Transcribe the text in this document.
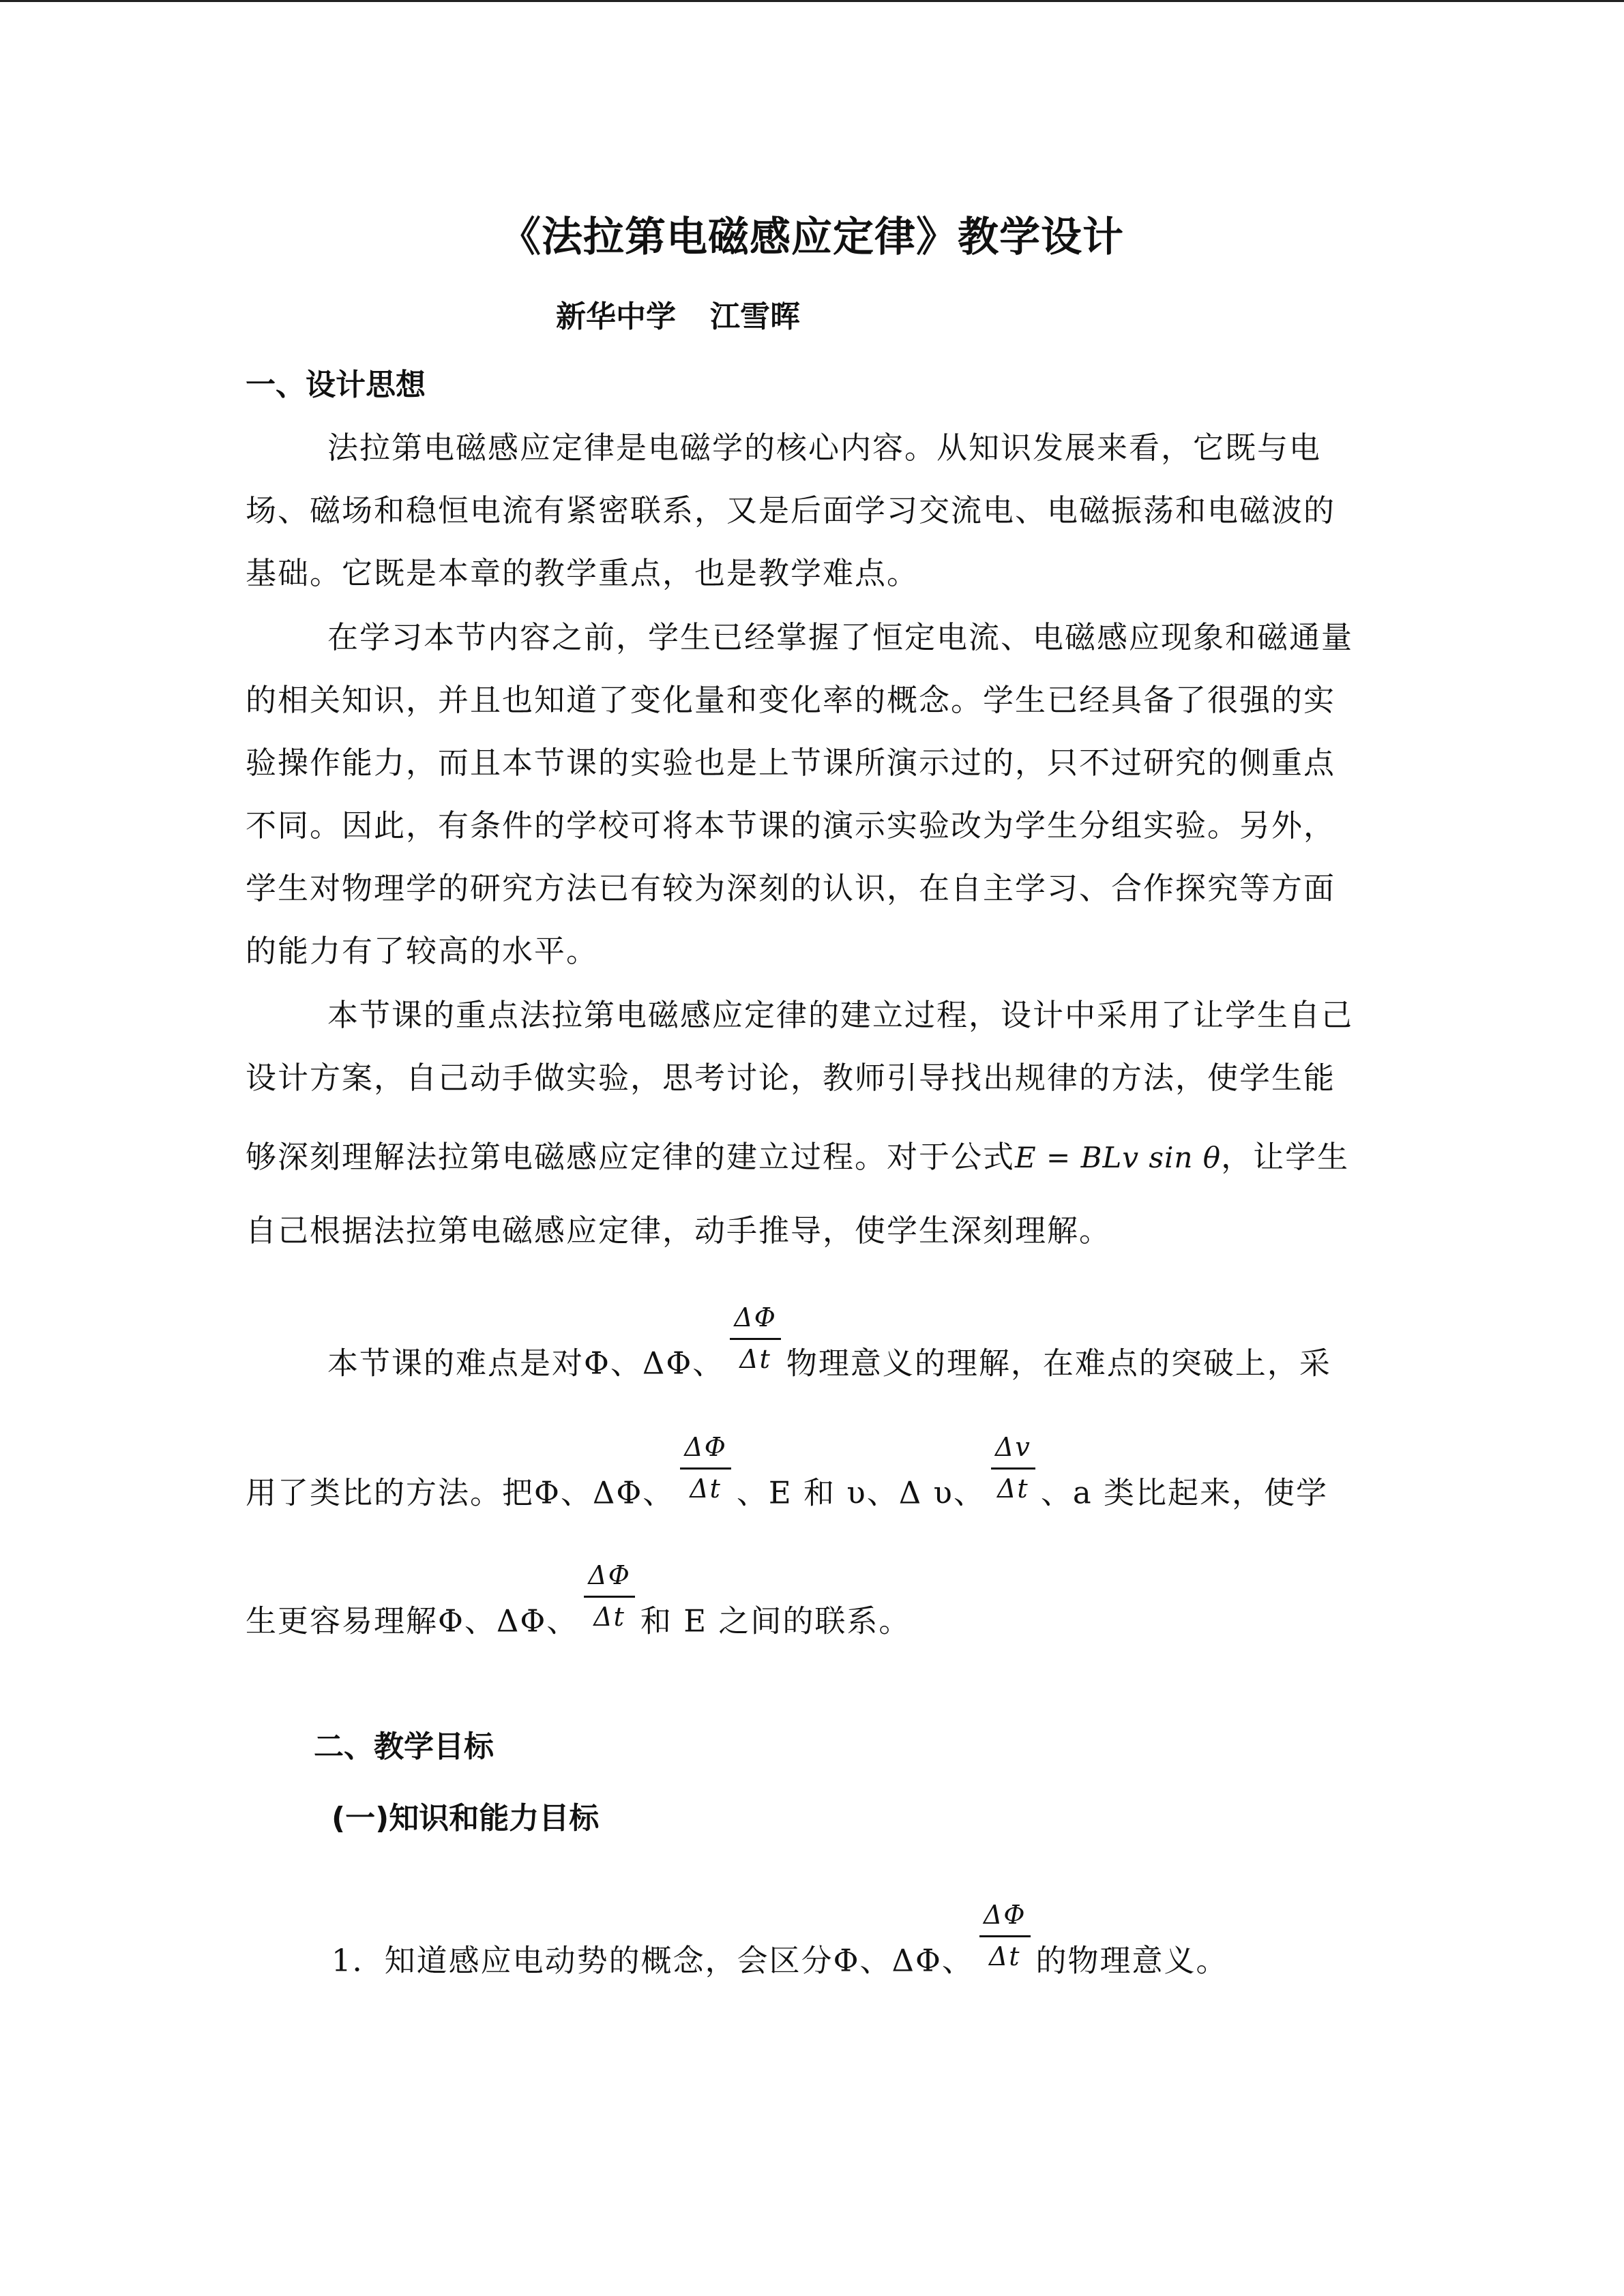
《法拉第电磁感应定律》教学设计
新华中学 江雪晖
一、设计思想
法拉第电磁感应定律是电磁学的核心内容。从知识发展来看，它既与电
场、磁场和稳恒电流有紧密联系，又是后面学习交流电、电磁振荡和电磁波的
基础。它既是本章的教学重点，也是教学难点。
在学习本节内容之前，学生已经掌握了恒定电流、电磁感应现象和磁通量
的相关知识，并且也知道了变化量和变化率的概念。学生已经具备了很强的实
验操作能力，而且本节课的实验也是上节课所演示过的，只不过研究的侧重点
不同。因此，有条件的学校可将本节课的演示实验改为学生分组实验。另外，
学生对物理学的研究方法已有较为深刻的认识，在自主学习、合作探究等方面
的能力有了较高的水平。
本节课的重点法拉第电磁感应定律的建立过程，设计中采用了让学生自己
设计方案，自己动手做实验，思考讨论，教师引导找出规律的方法，使学生能
够深刻理解法拉第电磁感应定律的建立过程。对于公式E = BLv sin θ，让学生
自己根据法拉第电磁感应定律，动手推导，使学生深刻理解。
本节课的难点是对Φ、ΔΦ、 $\frac{\Delta\Phi}{\Delta t}$ 物理意义的理解，在难点的突破上，采
用了类比的方法。把Φ、ΔΦ、 $\frac{\Delta\Phi}{\Delta t}$ 、E 和 υ、Δ υ、 $\frac{\Delta v}{\Delta t}$ 、a 类比起来，使学
生更容易理解Φ、ΔΦ、 $\frac{\Delta\Phi}{\Delta t}$ 和 E 之间的联系。
二、教学目标
(一)知识和能力目标
1．知道感应电动势的概念，会区分Φ、ΔΦ、 $\frac{\Delta\Phi}{\Delta t}$ 的物理意义。
